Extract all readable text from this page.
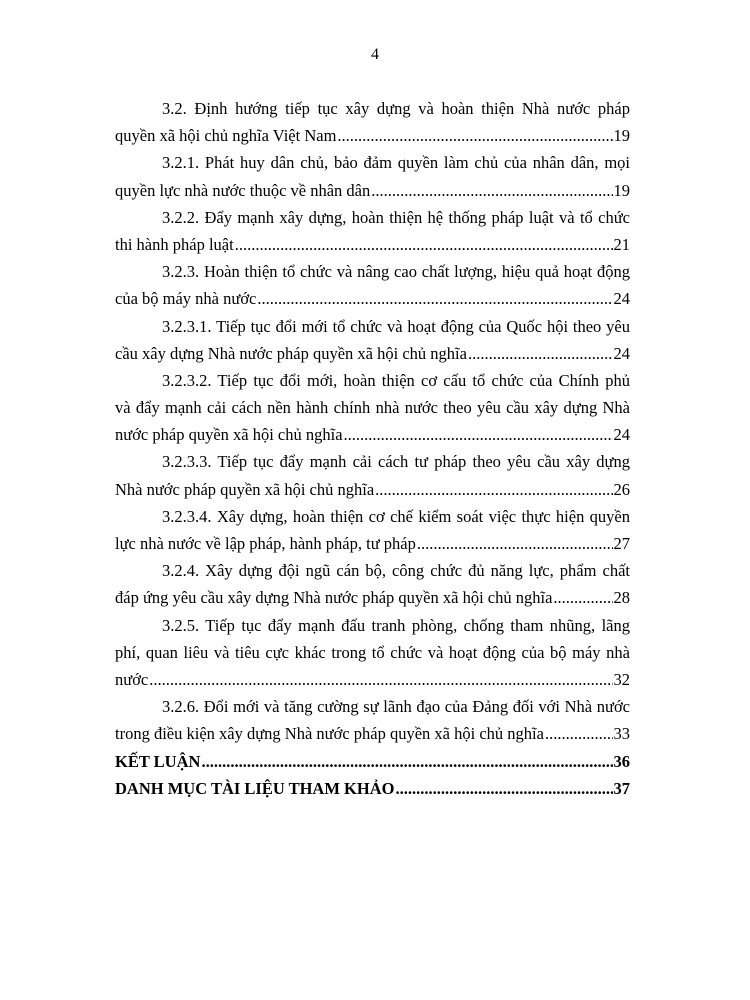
4
3.2. Định hướng tiếp tục xây dựng và hoàn thiện Nhà nước pháp
quyền xã hội chủ nghĩa Việt Nam .....	19
3.2.1. Phát huy dân chủ, bảo đảm quyền làm chủ của nhân dân, mọi
quyền lực nhà nước thuộc về nhân dân .....	19
3.2.2. Đẩy mạnh xây dựng, hoàn thiện hệ thống pháp luật và tổ chức
thi hành pháp luật .....	21
3.2.3. Hoàn thiện tổ chức và nâng cao chất lượng, hiệu quả hoạt động
của bộ máy nhà nước .....	24
3.2.3.1. Tiếp tục đổi mới tổ chức và hoạt động của Quốc hội theo yêu
cầu xây dựng Nhà nước pháp quyền xã hội chủ nghĩa .....	24
3.2.3.2. Tiếp tục đổi mới, hoàn thiện cơ cấu tổ chức của Chính phủ
và đẩy mạnh cải cách nền hành chính nhà nước theo yêu cầu xây dựng Nhà
nước pháp quyền xã hội chủ nghĩa .....	24
3.2.3.3. Tiếp tục đẩy mạnh cải cách tư pháp theo yêu cầu xây dựng
Nhà nước pháp quyền xã hội chủ nghĩa .....	26
3.2.3.4. Xây dựng, hoàn thiện cơ chế kiểm soát việc thực hiện quyền
lực nhà nước về lập pháp, hành pháp, tư pháp .....	27
3.2.4. Xây dựng đội ngũ cán bộ, công chức đủ năng lực, phẩm chất
đáp ứng yêu cầu xây dựng Nhà nước pháp quyền xã hội chủ nghĩa .....	28
3.2.5. Tiếp tục đẩy mạnh đấu tranh phòng, chống tham nhũng, lãng
phí, quan liêu và tiêu cực khác trong tổ chức và hoạt động của bộ máy nhà
nước .....	32
3.2.6. Đổi mới và tăng cường sự lãnh đạo của Đảng đối với Nhà nước
trong điều kiện xây dựng Nhà nước pháp quyền xã hội chủ nghĩa .....	33
KẾT LUẬN .....	36
DANH MỤC TÀI LIỆU THAM KHẢO .....	37
